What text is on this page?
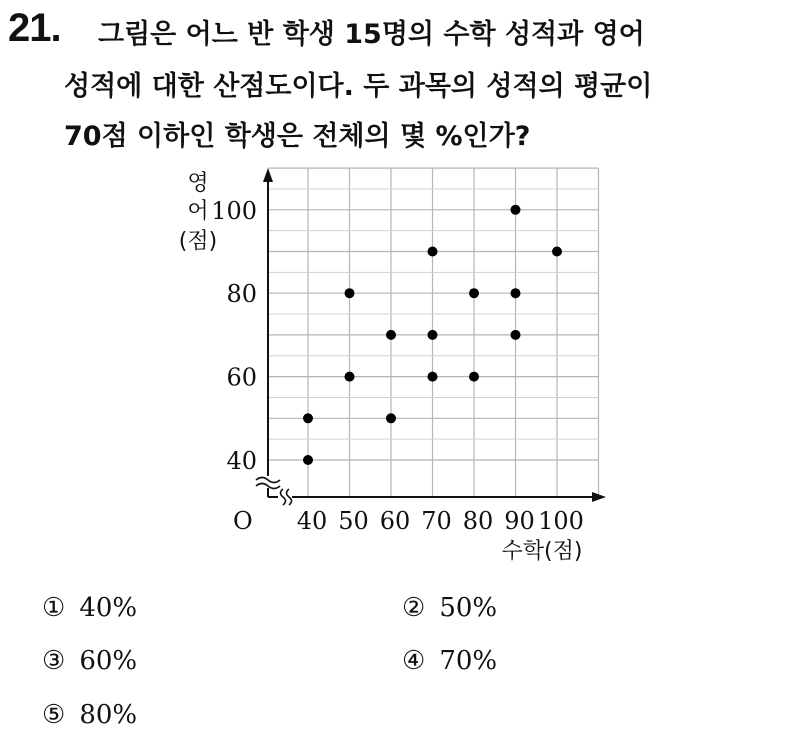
21. 그림은 어느 반 학생 15명의 수학 성적과 영어
성적에 대한 산점도이다. 두 과목의 성적의 평균이
70점 이하인 학생은 전체의 몇 %인가?
40
60
80
100
40 50 60 70 80 90 100
O
영
어
(점)
수학(점)
① 40%	② 50%
③ 60%	④ 70%
⑤ 80%
